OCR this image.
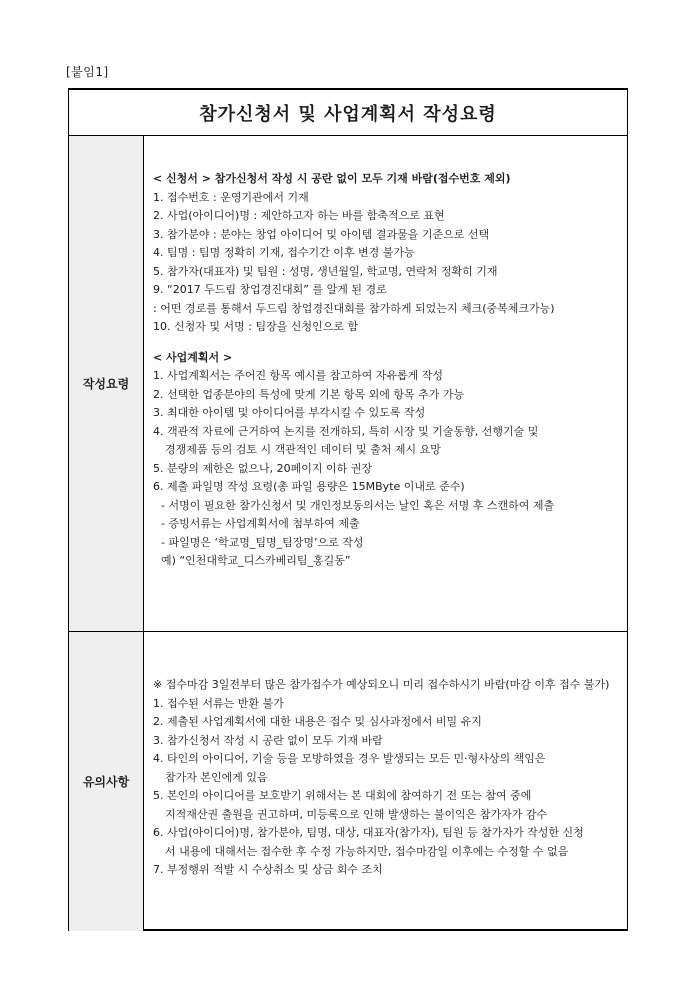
[붙임1]
참가신청서 및 사업계획서 작성요령
작성요령
< 신청서 > 참가신청서 작성 시 공란 없이 모두 기재 바람(접수번호 제외)
1. 접수번호 : 운영기관에서 기재
2. 사업(아이디어)명 : 제안하고자 하는 바를 함축적으로 표현
3. 참가분야 : 분야는 창업 아이디어 및 아이템 결과물을 기준으로 선택
4. 팀명 : 팀명 정확히 기재, 접수기간 이후 변경 불가능
5. 참가자(대표자) 및 팀원 : 성명, 생년월일, 학교명, 연락처 정확히 기재
9. “2017 두드림 창업경진대회” 를 알게 된 경로
: 어떤 경로를 통해서 두드림 창업경진대회를 참가하게 되었는지 체크(중복체크가능)
10. 신청자 및 서명 : 팀장을 신청인으로 함
< 사업계획서 >
1. 사업계획서는 주어진 항목 예시를 참고하여 자유롭게 작성
2. 선택한 업종분야의 특성에 맞게 기본 항목 외에 항목 추가 가능
3. 최대한 아이템 및 아이디어를 부각시킬 수 있도록 작성
4. 객관적 자료에 근거하여 논지를 전개하되, 특히 시장 및 기술동향, 선행기술 및
경쟁제품 등의 검토 시 객관적인 데이터 및 출처 제시 요망
5. 분량의 제한은 없으나, 20페이지 이하 권장
6. 제출 파일명 작성 요령(총 파일 용량은 15MByte 이내로 준수)
- 서명이 필요한 참가신청서 및 개인정보동의서는 날인 혹은 서명 후 스캔하여 제출
- 증빙서류는 사업계획서에 첨부하여 제출
- 파일명은 ‘학교명_팀명_팀장명’으로 작성
예) “인천대학교_디스카베리팀_홍길동”
유의사항
※ 접수마감 3일전부터 많은 참가접수가 예상되오니 미리 접수하시기 바람(마감 이후 접수 불가)
1. 접수된 서류는 반환 불가
2. 제출된 사업계획서에 대한 내용은 접수 및 심사과정에서 비밀 유지
3. 참가신청서 작성 시 공란 없이 모두 기재 바람
4. 타인의 아이디어, 기술 등을 모방하였을 경우 발생되는 모든 민·형사상의 책임은
참가자 본인에게 있음
5. 본인의 아이디어를 보호받기 위해서는 본 대회에 참여하기 전 또는 참여 중에
지적재산권 출원을 권고하며, 미등록으로 인해 발생하는 불이익은 참가자가 감수
6. 사업(아이디어)명, 참가분야, 팀명, 대상, 대표자(참가자), 팀원 등 참가자가 작성한 신청
서 내용에 대해서는 접수한 후 수정 가능하지만, 접수마감일 이후에는 수정할 수 없음
7. 부정행위 적발 시 수상취소 및 상금 회수 조치
